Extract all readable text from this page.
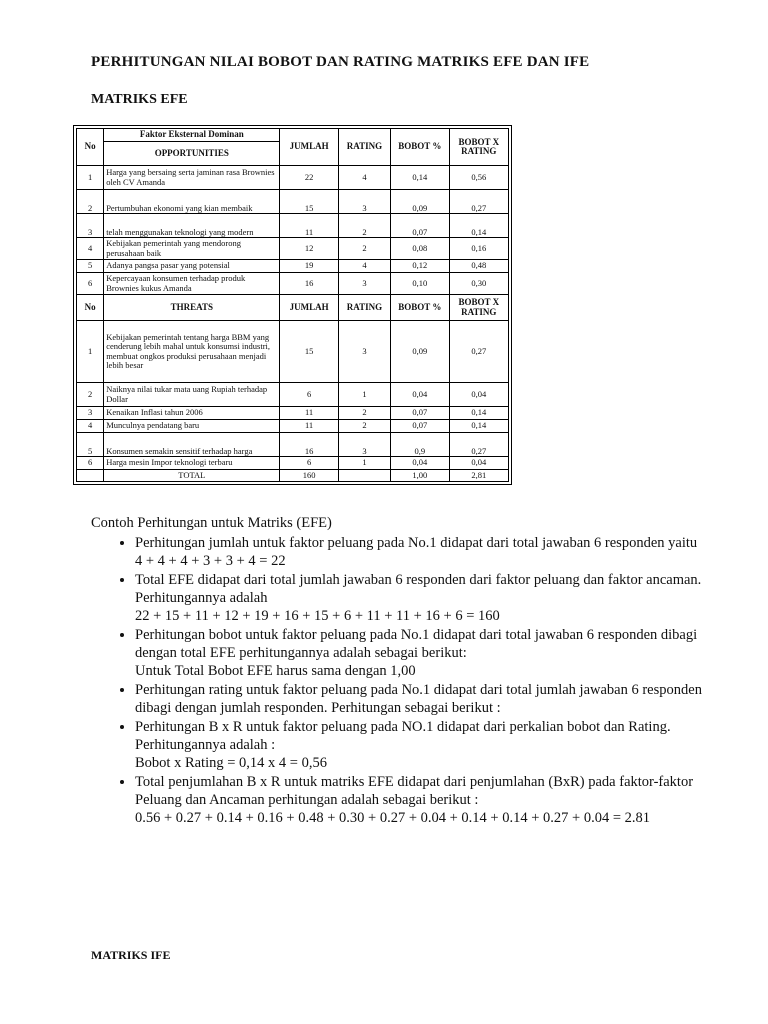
PERHITUNGAN NILAI BOBOT DAN RATING MATRIKS EFE DAN IFE
MATRIKS EFE
No	Faktor Eksternal Dominan	JUMLAH	RATING	BOBOT %	BOBOT X RATING
	OPPORTUNITIES				
1	Harga yang bersaing serta jaminan rasa Brownies oleh CV Amanda	22	4	0,14	0,56
2	Pertumbuhan ekonomi yang kian membaik	15	3	0,09	0,27
3	telah menggunakan teknologi yang modern	11	2	0,07	0,14
4	Kebijakan pemerintah yang mendorong perusahaan baik	12	2	0,08	0,16
5	Adanya pangsa pasar yang potensial	19	4	0,12	0,48
6	Kepercayaan konsumen terhadap produk Brownies kukus Amanda	16	3	0,10	0,30
No	THREATS	JUMLAH	RATING	BOBOT %	BOBOT X RATING
1	Kebijakan pemerintah tentang harga BBM yang cenderung lebih mahal untuk konsumsi industri, membuat ongkos produksi perusahaan menjadi lebih besar	15	3	0,09	0,27
2	Naiknya nilai tukar mata uang Rupiah terhadap Dollar	6	1	0,04	0,04
3	Kenaikan Inflasi tahun 2006	11	2	0,07	0,14
4	Munculnya pendatang baru	11	2	0,07	0,14
5	Konsumen semakin sensitif terhadap harga	16	3	0,9	0,27
6	Harga mesin Impor teknologi terbaru	6	1	0,04	0,04
	TOTAL	160		1,00	2,81
Contoh Perhitungan untuk Matriks (EFE)
• Perhitungan jumlah untuk faktor peluang pada No.1 didapat dari total jawaban 6 responden yaitu
4 + 4 + 4 + 3 + 3 + 4 = 22
• Total EFE didapat dari total jumlah jawaban 6 responden dari faktor peluang dan faktor ancaman. Perhitungannya adalah
22 + 15 + 11 + 12 + 19 + 16 + 15 + 6 + 11 + 11 + 16 + 6 = 160
• Perhitungan bobot untuk faktor peluang pada No.1 didapat dari total jawaban 6 responden dibagi dengan total EFE perhitungannya adalah sebagai berikut:
Untuk Total Bobot EFE harus sama dengan 1,00
• Perhitungan rating untuk faktor peluang pada No.1 didapat dari total jumlah jawaban 6 responden dibagi dengan jumlah responden. Perhitungan sebagai berikut :
• Perhitungan B x R untuk faktor peluang pada NO.1 didapat dari perkalian bobot dan Rating. Perhitungannya adalah :
Bobot x Rating = 0,14 x 4 = 0,56
• Total penjumlahan B x R untuk matriks EFE didapat dari penjumlahan (BxR) pada faktor-faktor Peluang dan Ancaman perhitungan adalah sebagai berikut :
0.56 + 0.27 + 0.14 + 0.16 + 0.48 + 0.30 + 0.27 + 0.04 + 0.14 + 0.14 + 0.27 + 0.04 = 2.81
MATRIKS IFE
